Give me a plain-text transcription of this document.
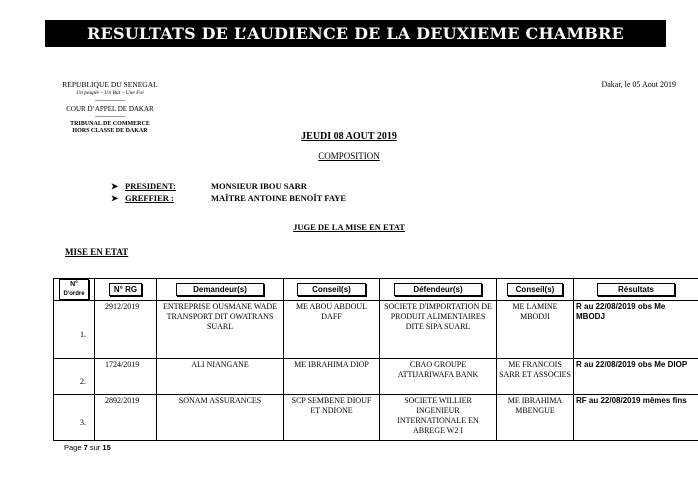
RESULTATS DE L’AUDIENCE DE LA DEUXIEME CHAMBRE
REPUBLIQUE DU SENEGAL
Un peuple – Un But – Une Foi
--------------------------
COUR D’APPEL DE DAKAR
--------------------------
TRIBUNAL DE COMMERCE
HORS CLASSE DE DAKAR
Dakar, le 05 Aout 2019
JEUDI 08 AOUT 2019
COMPOSITION
➤ PRESIDENT:	MONSIEUR IBOU SARR
➤ GREFFIER :	MAÎTRE ANTOINE BENOÎT FAYE
JUGE DE LA MISE EN ETAT
MISE EN ETAT
N°
D'ordre	N° RG	Demandeur(s)	Conseil(s)	Défendeur(s)	Conseil(s)	Résultats
1.	2912/2019	ENTREPRISE OUSMANE WADE TRANSPORT DIT OWATRANS SUARL	ME ABOU ABDOUL DAFF	SOCIETE D'IMPORTATION DE PRODUIT ALIMENTAIRES DITE SIPA SUARL	ME LAMINE MBODJI	R au 22/08/2019 obs Me MBODJ
2.	1724/2019	ALI NIANGANE	ME IBRAHIMA DIOP	CBAO GROUPE ATTIJARIWAFA BANK	ME FRANCOIS SARR ET ASSOCIES	R au 22/08/2019 obs Me DIOP
3.	2892/2019	SONAM ASSURANCES	SCP SEMBENE DIOUF ET NDIONE	SOCIETE WILLIER INGENIEUR INTERNATIONALE EN ABREGE W2 I	ME IBRAHIMA MBENGUE	RF au 22/08/2019 mêmes fins
Page 7 sur 15
